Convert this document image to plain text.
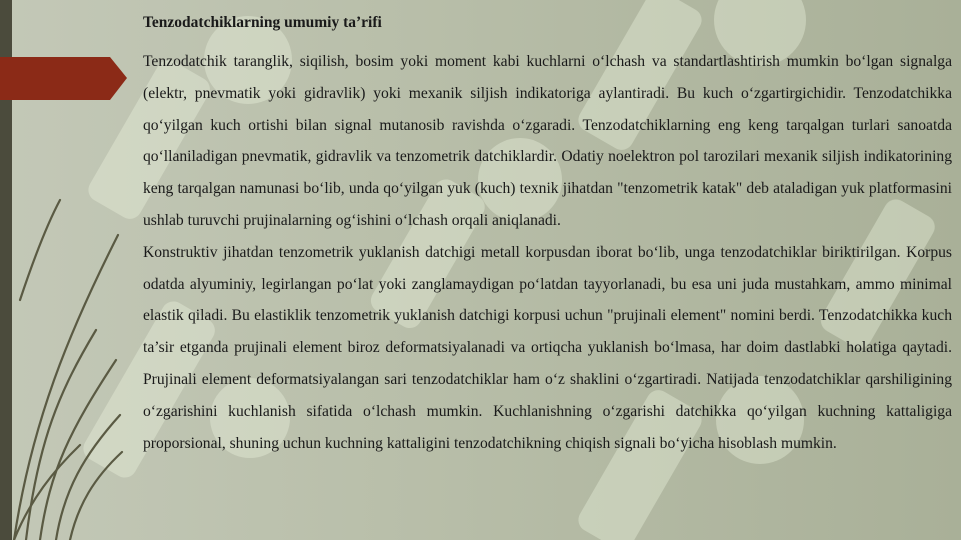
Tenzodatchiklarning umumiy ta’rifi

Tenzodatchik taranglik, siqilish, bosim yoki moment kabi kuchlarni o‘lchash va standartlashtirish mumkin bo‘lgan signalga (elektr, pnevmatik yoki gidravlik) yoki mexanik siljish indikatoriga aylantiradi. Bu kuch o‘zgartirgichidir. Tenzodatchikka qo‘yilgan kuch ortishi bilan signal mutanosib ravishda o‘zgaradi. Tenzodatchiklarning eng keng tarqalgan turlari sanoatda qo‘llaniladigan pnevmatik, gidravlik va tenzometrik datchiklardir. Odatiy noelektron pol tarozilari mexanik siljish indikatorining keng tarqalgan namunasi bo‘lib, unda qo‘yilgan yuk (kuch) texnik jihatdan "tenzometrik katak" deb ataladigan yuk platformasini ushlab turuvchi prujinalarning og‘ishini o‘lchash orqali aniqlanadi.

Konstruktiv jihatdan tenzometrik yuklanish datchigi metall korpusdan iborat bo‘lib, unga tenzodatchiklar biriktirilgan. Korpus odatda alyuminiy, legirlangan po‘lat yoki zanglamaydigan po‘latdan tayyorlanadi, bu esa uni juda mustahkam, ammo minimal elastik qiladi. Bu elastiklik tenzometrik yuklanish datchigi korpusi uchun "prujinali element" nomini berdi. Tenzodatchikka kuch ta’sir etganda prujinali element biroz deformatsiyalanadi va ortiqcha yuklanish bo‘lmasa, har doim dastlabki holatiga qaytadi. Prujinali element deformatsiyalangan sari tenzodatchiklar ham o‘z shaklini o‘zgartiradi. Natijada tenzodatchiklar qarshiligining o‘zgarishini kuchlanish sifatida o‘lchash mumkin. Kuchlanishning o‘zgarishi datchikka qo‘yilgan kuchning kattaligiga proporsional, shuning uchun kuchning kattaligini tenzodatchikning chiqish signali bo‘yicha hisoblash mumkin.
